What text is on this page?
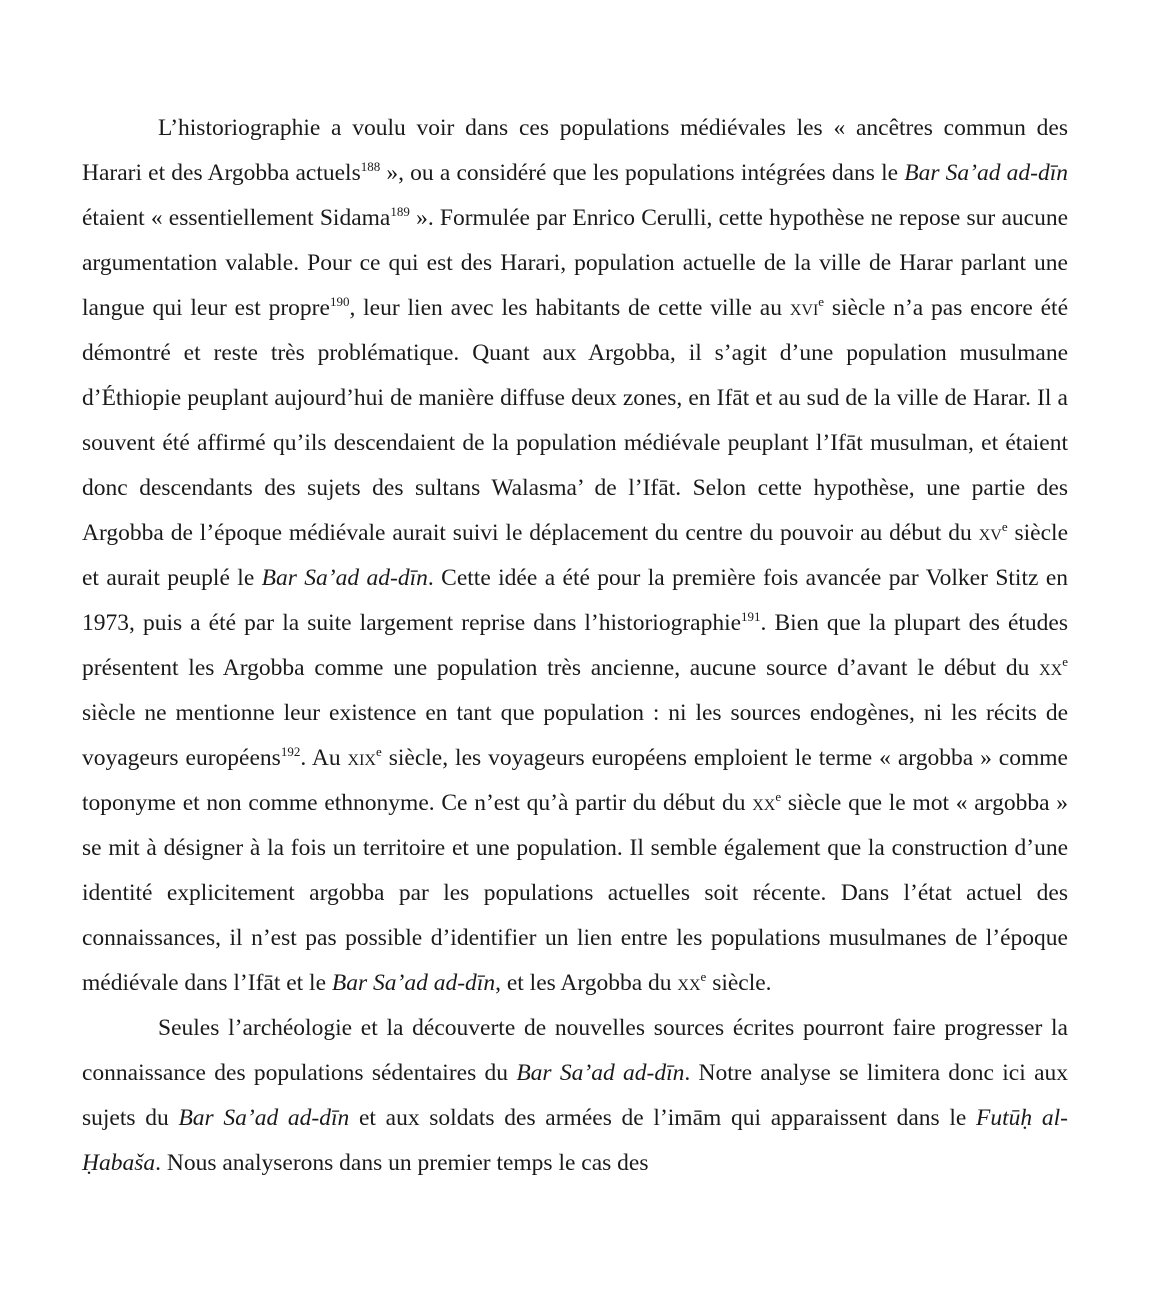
L’historiographie a voulu voir dans ces populations médiévales les « ancêtres commun des Harari et des Argobba actuels$^{188}$ », ou a considéré que les populations intégrées dans le Bar Sa’ad ad-dīn étaient « essentiellement Sidama$^{189}$ ». Formulée par Enrico Cerulli, cette hypothèse ne repose sur aucune argumentation valable. Pour ce qui est des Harari, population actuelle de la ville de Harar parlant une langue qui leur est propre$^{190}$, leur lien avec les habitants de cette ville au xvi$^e$ siècle n’a pas encore été démontré et reste très problématique. Quant aux Argobba, il s’agit d’une population musulmane d’Éthiopie peuplant aujourd’hui de manière diffuse deux zones, en Ifāt et au sud de la ville de Harar. Il a souvent été affirmé qu’ils descendaient de la population médiévale peuplant l’Ifāt musulman, et étaient donc descendants des sujets des sultans Walasma’ de l’Ifāt. Selon cette hypothèse, une partie des Argobba de l’époque médiévale aurait suivi le déplacement du centre du pouvoir au début du $xv^e$ siècle et aurait peuplé le Bar Sa’ad ad-dīn. Cette idée a été pour la première fois avancée par Volker Stitz en 1973, puis a été par la suite largement reprise dans l’historiographie$^{191}$. Bien que la plupart des études présentent les Argobba comme une population très ancienne, aucune source d’avant le début du $xx^e$ siècle ne mentionne leur existence en tant que population : ni les sources endogènes, ni les récits de voyageurs européens$^{192}$. Au xix$^e$ siècle, les voyageurs européens emploient le terme « argobba » comme toponyme et non comme ethnonyme. Ce n’est qu’à partir du début du $xx^e$ siècle que le mot « argobba » se mit à désigner à la fois un territoire et une population. Il semble également que la construction d’une identité explicitement argobba par les populations actuelles soit récente. Dans l’état actuel des connaissances, il n’est pas possible d’identifier un lien entre les populations musulmanes de l’époque médiévale dans l’Ifāt et le Bar Sa’ad ad-dīn, et les Argobba du $xx^e$ siècle.

Seules l’archéologie et la découverte de nouvelles sources écrites pourront faire progresser la connaissance des populations sédentaires du Bar Sa’ad ad-dīn. Notre analyse se limitera donc ici aux sujets du Bar Sa’ad ad-dīn et aux soldats des armées de l’imām qui apparaissent dans le Futūḥ al-Ḥabaša. Nous analyserons dans un premier temps le cas des
